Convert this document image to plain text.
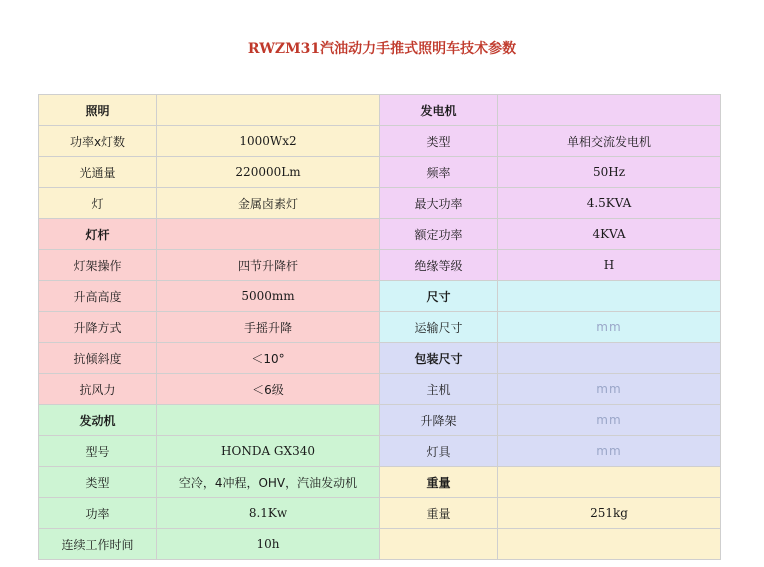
RWZM31汽油动力手推式照明车技术参数
照明		发电机	
功率x灯数	1000Wx2	类型	单相交流发电机
光通量	220000Lm	频率	50Hz
灯	金属卤素灯	最大功率	4.5KVA
灯杆		额定功率	4KVA
灯架操作	四节升降杆	绝缘等级	H
升高高度	5000mm	尺寸	
升降方式	手摇升降	运输尺寸	mm
抗倾斜度	＜10°	包装尺寸	
抗风力	＜6级	主机	mm
发动机		升降架	mm
型号	HONDA GX340	灯具	mm
类型	空冷，4冲程，OHV，汽油发动机	重量	
功率	8.1Kw	重量	251kg
连续工作时间	10h		
